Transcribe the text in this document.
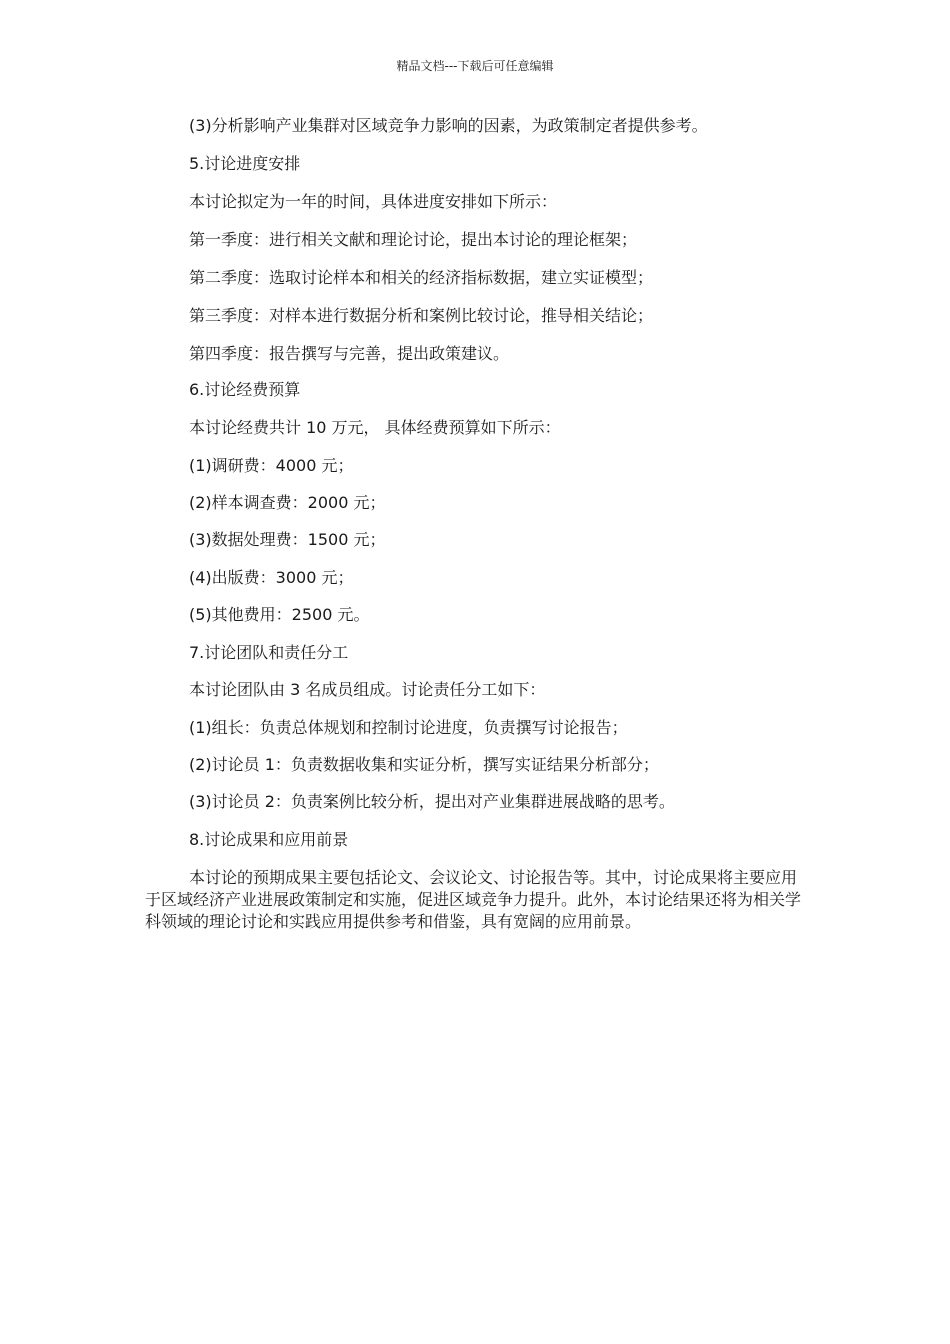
精品文档---下载后可任意编辑
(3)分析影响产业集群对区域竞争力影响的因素，为政策制定者提供参考。
5.讨论进度安排
本讨论拟定为一年的时间，具体进度安排如下所示：
第一季度：进行相关文献和理论讨论，提出本讨论的理论框架；
第二季度：选取讨论样本和相关的经济指标数据，建立实证模型；
第三季度：对样本进行数据分析和案例比较讨论，推导相关结论；
第四季度：报告撰写与完善，提出政策建议。
6.讨论经费预算
本讨论经费共计 10 万元， 具体经费预算如下所示：
(1)调研费：4000 元；
(2)样本调查费：2000 元；
(3)数据处理费：1500 元；
(4)出版费：3000 元；
(5)其他费用：2500 元。
7.讨论团队和责任分工
本讨论团队由 3 名成员组成。讨论责任分工如下：
(1)组长：负责总体规划和控制讨论进度，负责撰写讨论报告；
(2)讨论员 1：负责数据收集和实证分析，撰写实证结果分析部分；
(3)讨论员 2：负责案例比较分析，提出对产业集群进展战略的思考。
8.讨论成果和应用前景
本讨论的预期成果主要包括论文、会议论文、讨论报告等。其中，讨论成果将主要应用于区域经济产业进展政策制定和实施，促进区域竞争力提升。此外，本讨论结果还将为相关学科领域的理论讨论和实践应用提供参考和借鉴，具有宽阔的应用前景。
